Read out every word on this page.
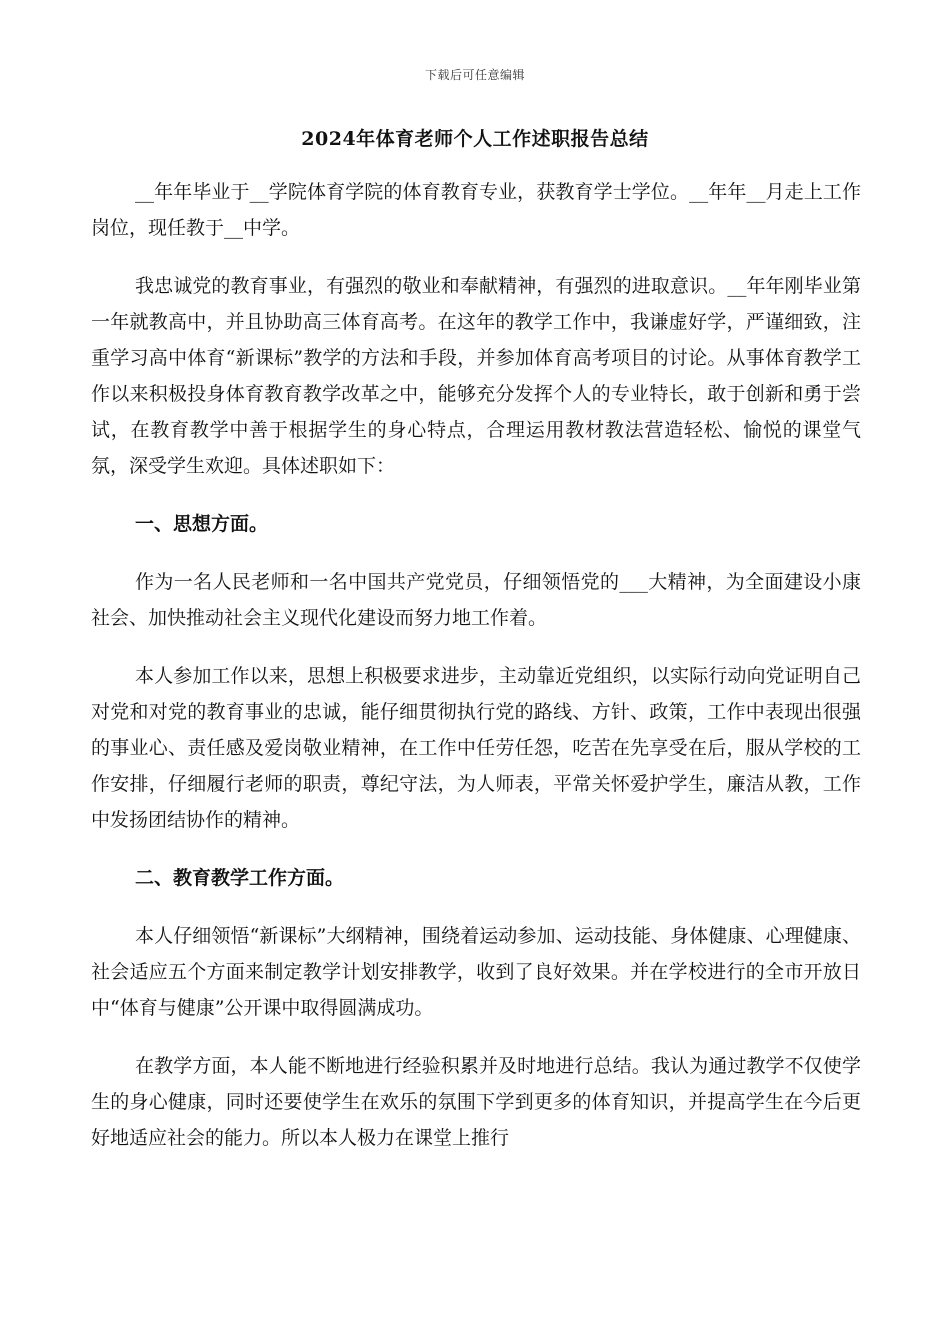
下载后可任意编辑
2024年体育老师个人工作述职报告总结

__年年毕业于__学院体育学院的体育教育专业，获教育学士学位。__年年__月走上工作岗位，现任教于__中学。

我忠诚党的教育事业，有强烈的敬业和奉献精神，有强烈的进取意识。__年年刚毕业第一年就教高中，并且协助高三体育高考。在这年的教学工作中，我谦虚好学，严谨细致，注重学习高中体育“新课标”教学的方法和手段，并参加体育高考项目的讨论。从事体育教学工作以来积极投身体育教育教学改革之中，能够充分发挥个人的专业特长，敢于创新和勇于尝试，在教育教学中善于根据学生的身心特点，合理运用教材教法营造轻松、愉悦的课堂气氛，深受学生欢迎。具体述职如下：

一、思想方面。

作为一名人民老师和一名中国共产党党员，仔细领悟党的___大精神，为全面建设小康社会、加快推动社会主义现代化建设而努力地工作着。

本人参加工作以来，思想上积极要求进步，主动靠近党组织，以实际行动向党证明自己对党和对党的教育事业的忠诚，能仔细贯彻执行党的路线、方针、政策，工作中表现出很强的事业心、责任感及爱岗敬业精神，在工作中任劳任怨，吃苦在先享受在后，服从学校的工作安排，仔细履行老师的职责，尊纪守法，为人师表，平常关怀爱护学生，廉洁从教，工作中发扬团结协作的精神。

二、教育教学工作方面。

本人仔细领悟“新课标”大纲精神，围绕着运动参加、运动技能、身体健康、心理健康、社会适应五个方面来制定教学计划安排教学，收到了良好效果。并在学校进行的全市开放日中“体育与健康”公开课中取得圆满成功。

在教学方面，本人能不断地进行经验积累并及时地进行总结。我认为通过教学不仅使学生的身心健康，同时还要使学生在欢乐的氛围下学到更多的体育知识，并提高学生在今后更好地适应社会的能力。所以本人极力在课堂上推行
